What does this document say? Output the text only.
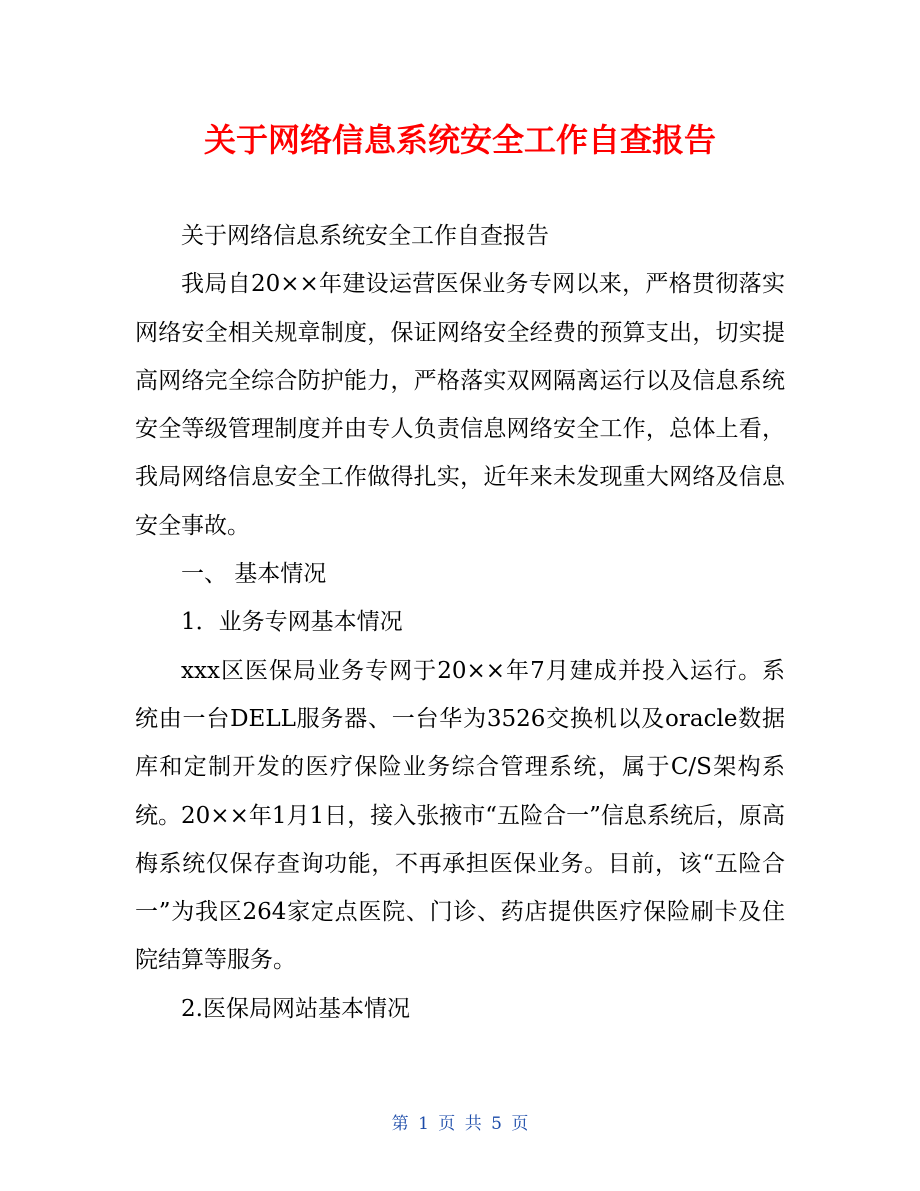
关于网络信息系统安全工作自查报告

关于网络信息系统安全工作自查报告

我局自20××年建设运营医保业务专网以来，严格贯彻落实网络安全相关规章制度，保证网络安全经费的预算支出，切实提高网络完全综合防护能力，严格落实双网隔离运行以及信息系统安全等级管理制度并由专人负责信息网络安全工作，总体上看，我局网络信息安全工作做得扎实，近年来未发现重大网络及信息安全事故。

一、 基本情况

1．业务专网基本情况

xxx区医保局业务专网于20××年7月建成并投入运行。系统由一台DELL服务器、一台华为3526交换机以及oracle数据库和定制开发的医疗保险业务综合管理系统，属于C/S架构系统。20××年1月1日，接入张掖市“五险合一”信息系统后，原高梅系统仅保存查询功能，不再承担医保业务。目前，该“五险合一”为我区264家定点医院、门诊、药店提供医疗保险刷卡及住院结算等服务。

2.医保局网站基本情况

第 1 页 共 5 页
